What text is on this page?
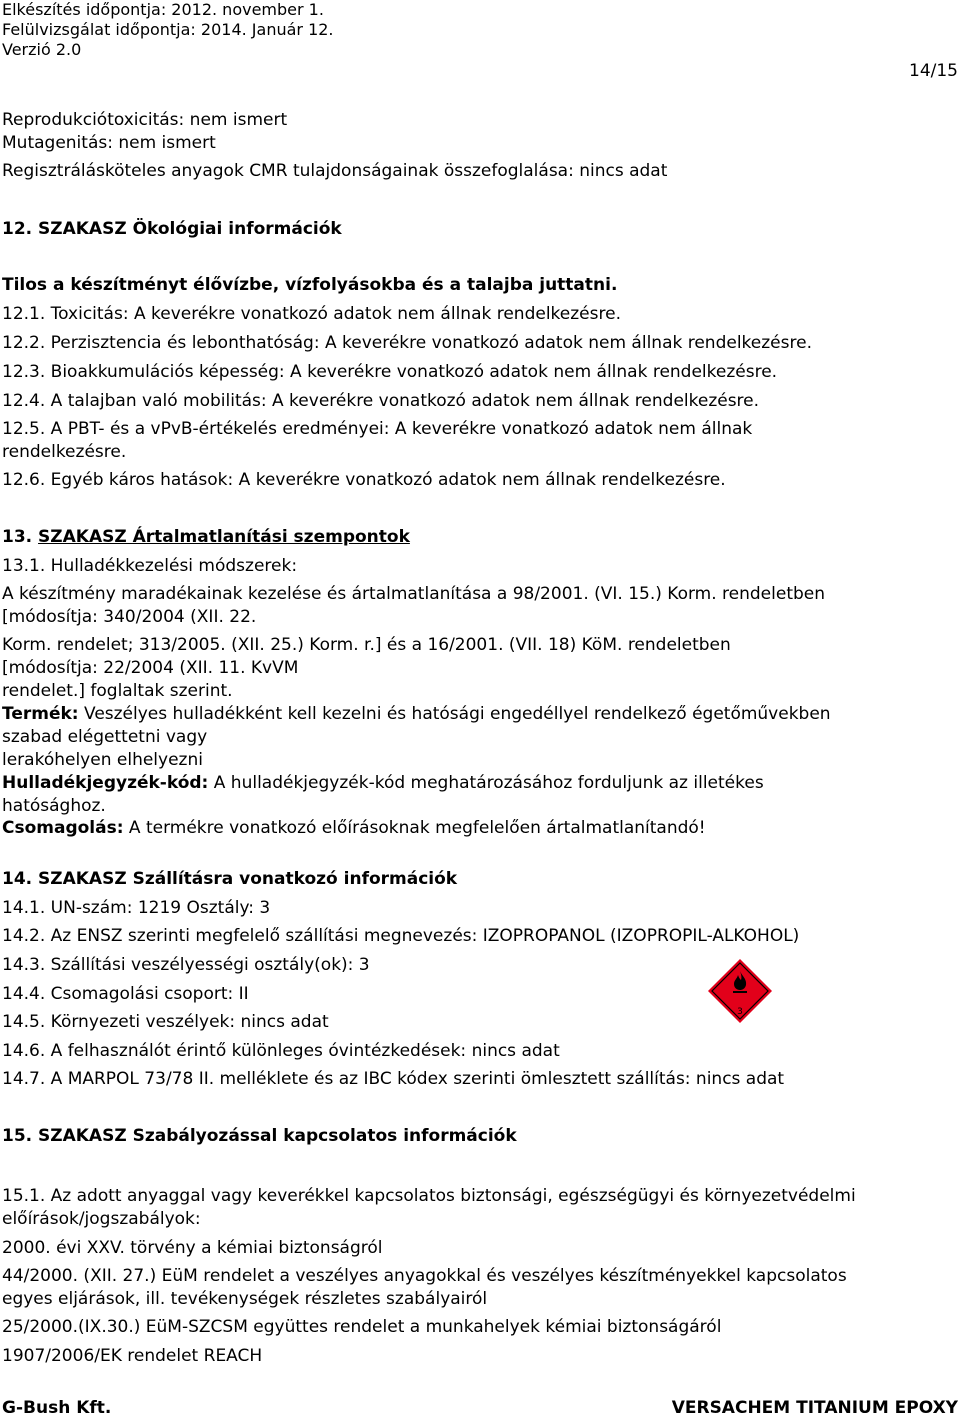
Elkészítés időpontja: 2012. november 1.
Felülvizsgálat időpontja: 2014. Január 12.
Verzió 2.0
14/15
Reprodukciótoxicitás: nem ismert
Mutagenitás: nem ismert
Regisztrálásköteles anyagok CMR tulajdonságainak összefoglalása: nincs adat
12. SZAKASZ Ökológiai információk
Tilos a készítményt élővízbe, vízfolyásokba és a talajba juttatni.
12.1. Toxicitás: A keverékre vonatkozó adatok nem állnak rendelkezésre.
12.2. Perzisztencia és lebonthatóság: A keverékre vonatkozó adatok nem állnak rendelkezésre.
12.3. Bioakkumulációs képesség: A keverékre vonatkozó adatok nem állnak rendelkezésre.
12.4. A talajban való mobilitás: A keverékre vonatkozó adatok nem állnak rendelkezésre.
12.5. A PBT- és a vPvB-értékelés eredményei: A keverékre vonatkozó adatok nem állnak
rendelkezésre.
12.6. Egyéb káros hatások: A keverékre vonatkozó adatok nem állnak rendelkezésre.
13. SZAKASZ Ártalmatlanítási szempontok
13.1. Hulladékkezelési módszerek:
A készítmény maradékainak kezelése és ártalmatlanítása a 98/2001. (VI. 15.) Korm. rendeletben
[módosítja: 340/2004 (XII. 22.
Korm. rendelet; 313/2005. (XII. 25.) Korm. r.] és a 16/2001. (VII. 18) KöM. rendeletben
[módosítja: 22/2004 (XII. 11. KvVM
rendelet.] foglaltak szerint.
Termék: Veszélyes hulladékként kell kezelni és hatósági engedéllyel rendelkező égetőművekben
szabad elégettetni vagy
lerakóhelyen elhelyezni
Hulladékjegyzék-kód: A hulladékjegyzék-kód meghatározásához forduljunk az illetékes
hatósághoz.
Csomagolás: A termékre vonatkozó előírásoknak megfelelően ártalmatlanítandó!
14. SZAKASZ Szállításra vonatkozó információk
14.1. UN-szám: 1219 Osztály: 3
14.2. Az ENSZ szerinti megfelelő szállítási megnevezés: IZOPROPANOL (IZOPROPIL-ALKOHOL)
14.3. Szállítási veszélyességi osztály(ok): 3
14.4. Csomagolási csoport: II
14.5. Környezeti veszélyek: nincs adat
14.6. A felhasználót érintő különleges óvintézkedések: nincs adat
14.7. A MARPOL 73/78 II. melléklete és az IBC kódex szerinti ömlesztett szállítás: nincs adat
3
15. SZAKASZ Szabályozással kapcsolatos információk
15.1. Az adott anyaggal vagy keverékkel kapcsolatos biztonsági, egészségügyi és környezetvédelmi
előírások/jogszabályok:
2000. évi XXV. törvény a kémiai biztonságról
44/2000. (XII. 27.) EüM rendelet a veszélyes anyagokkal és veszélyes készítményekkel kapcsolatos
egyes eljárások, ill. tevékenységek részletes szabályairól
25/2000.(IX.30.) EüM-SZCSM együttes rendelet a munkahelyek kémiai biztonságáról
1907/2006/EK rendelet REACH
G-Bush Kft.	VERSACHEM TITANIUM EPOXY
